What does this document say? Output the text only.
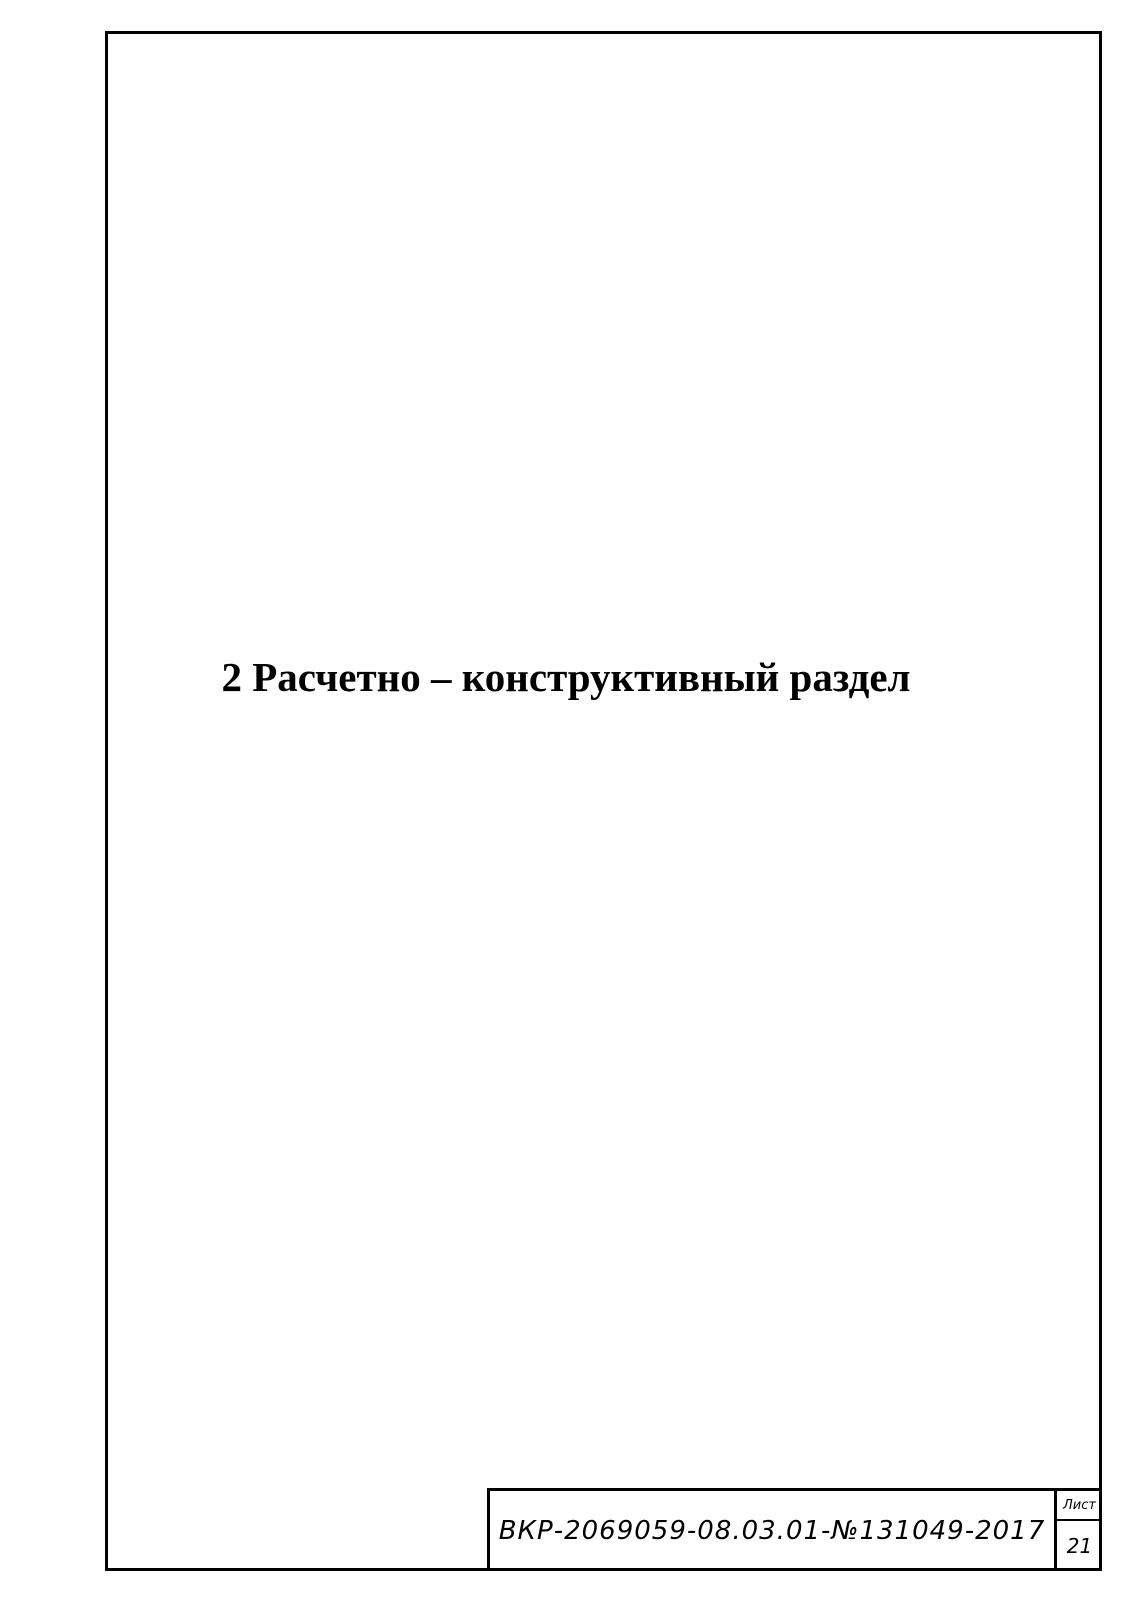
2 Расчетно – конструктивный раздел
ВКР-2069059-08.03.01-№131049-2017
Лист
21
